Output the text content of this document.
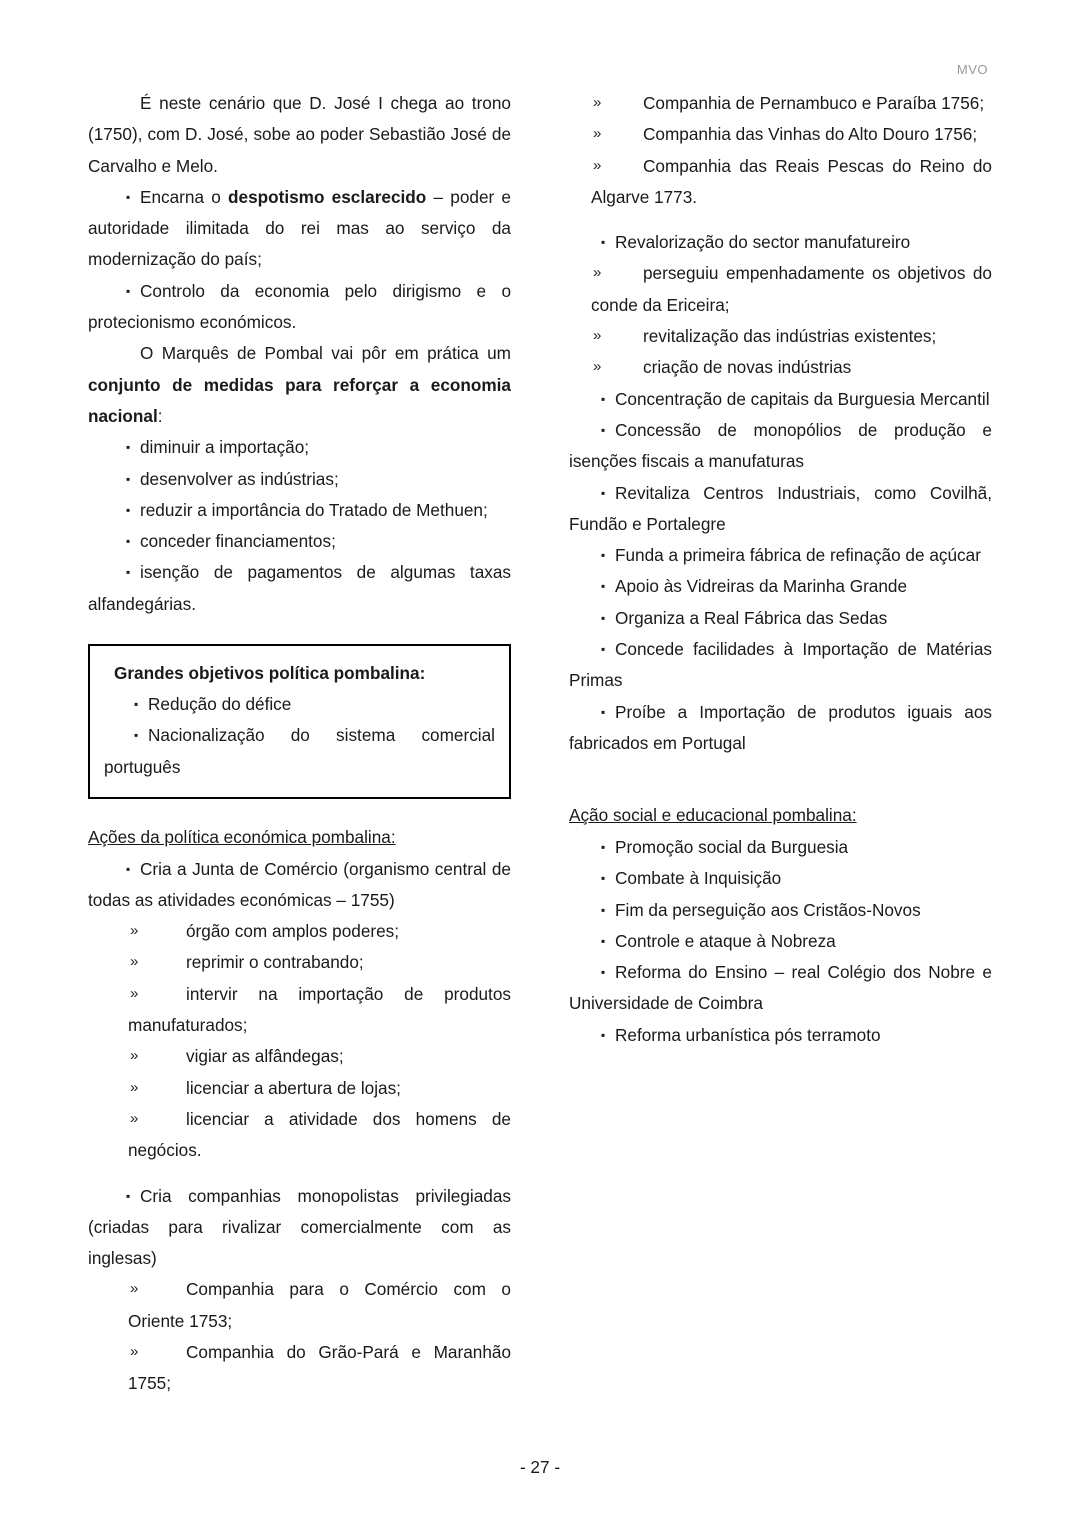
MVO

É neste cenário que D. José I chega ao trono (1750), com D. José, sobe ao poder Sebastião José de Carvalho e Melo.

▪ Encarna o despotismo esclarecido – poder e autoridade ilimitada do rei mas ao serviço da modernização do país;
▪ Controlo da economia pelo dirigismo e o protecionismo económicos.

O Marquês de Pombal vai pôr em prática um conjunto de medidas para reforçar a economia nacional:

▪ diminuir a importação;
▪ desenvolver as indústrias;
▪ reduzir a importância do Tratado de Methuen;
▪ conceder financiamentos;
▪ isenção de pagamentos de algumas taxas alfandegárias.
Grandes objetivos política pombalina:
▪ Redução do défice
▪ Nacionalização do sistema comercial português
Ações da política económica pombalina:
▪ Cria a Junta de Comércio (organismo central de todas as atividades económicas – 1755)
» órgão com amplos poderes;
» reprimir o contrabando;
» intervir na importação de produtos manufaturados;
» vigiar as alfândegas;
» licenciar a abertura de lojas;
» licenciar a atividade dos homens de negócios.
▪ Cria companhias monopolistas privilegiadas (criadas para rivalizar comercialmente com as inglesas)
» Companhia para o Comércio com o Oriente 1753;
» Companhia do Grão-Pará e Maranhão 1755;
» Companhia de Pernambuco e Paraíba 1756;
» Companhia das Vinhas do Alto Douro 1756;
» Companhia das Reais Pescas do Reino do Algarve 1773.
▪ Revalorização do sector manufatureiro
» perseguiu empenhadamente os objetivos do conde da Ericeira;
» revitalização das indústrias existentes;
» criação de novas indústrias
▪ Concentração de capitais da Burguesia Mercantil
▪ Concessão de monopólios de produção e isenções fiscais a manufaturas
▪ Revitaliza Centros Industriais, como Covilhã, Fundão e Portalegre
▪ Funda a primeira fábrica de refinação de açúcar
▪ Apoio às Vidreiras da Marinha Grande
▪ Organiza a Real Fábrica das Sedas
▪ Concede facilidades à Importação de Matérias Primas
▪ Proíbe a Importação de produtos iguais aos fabricados em Portugal
Ação social e educacional pombalina:
▪ Promoção social da Burguesia
▪ Combate à Inquisição
▪ Fim da perseguição aos Cristãos-Novos
▪ Controle e ataque à Nobreza
▪ Reforma do Ensino – real Colégio dos Nobre e Universidade de Coimbra
▪ Reforma urbanística pós terramoto
- 27 -
